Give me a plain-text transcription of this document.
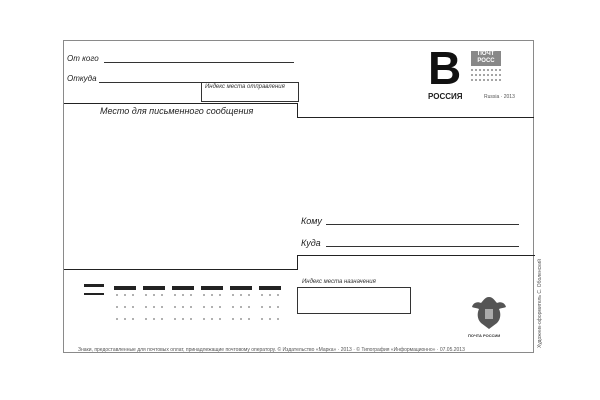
От кого
Откуда
Индекс места отправления
Место для письменного сообщения
В	ПОЧТ
РОСС
РОССИЯ	Russia · 2013
Кому
Куда
Индекс места назначения
ПОЧТА РОССИИ
Знаки, предоставленные для почтовых оплат, принадлежащие почтовому оператору. © Издательство «Марка» · 2013 · © Типография «Информационно» · 07.05.2013
Художник-оформитель С. Оболенский
